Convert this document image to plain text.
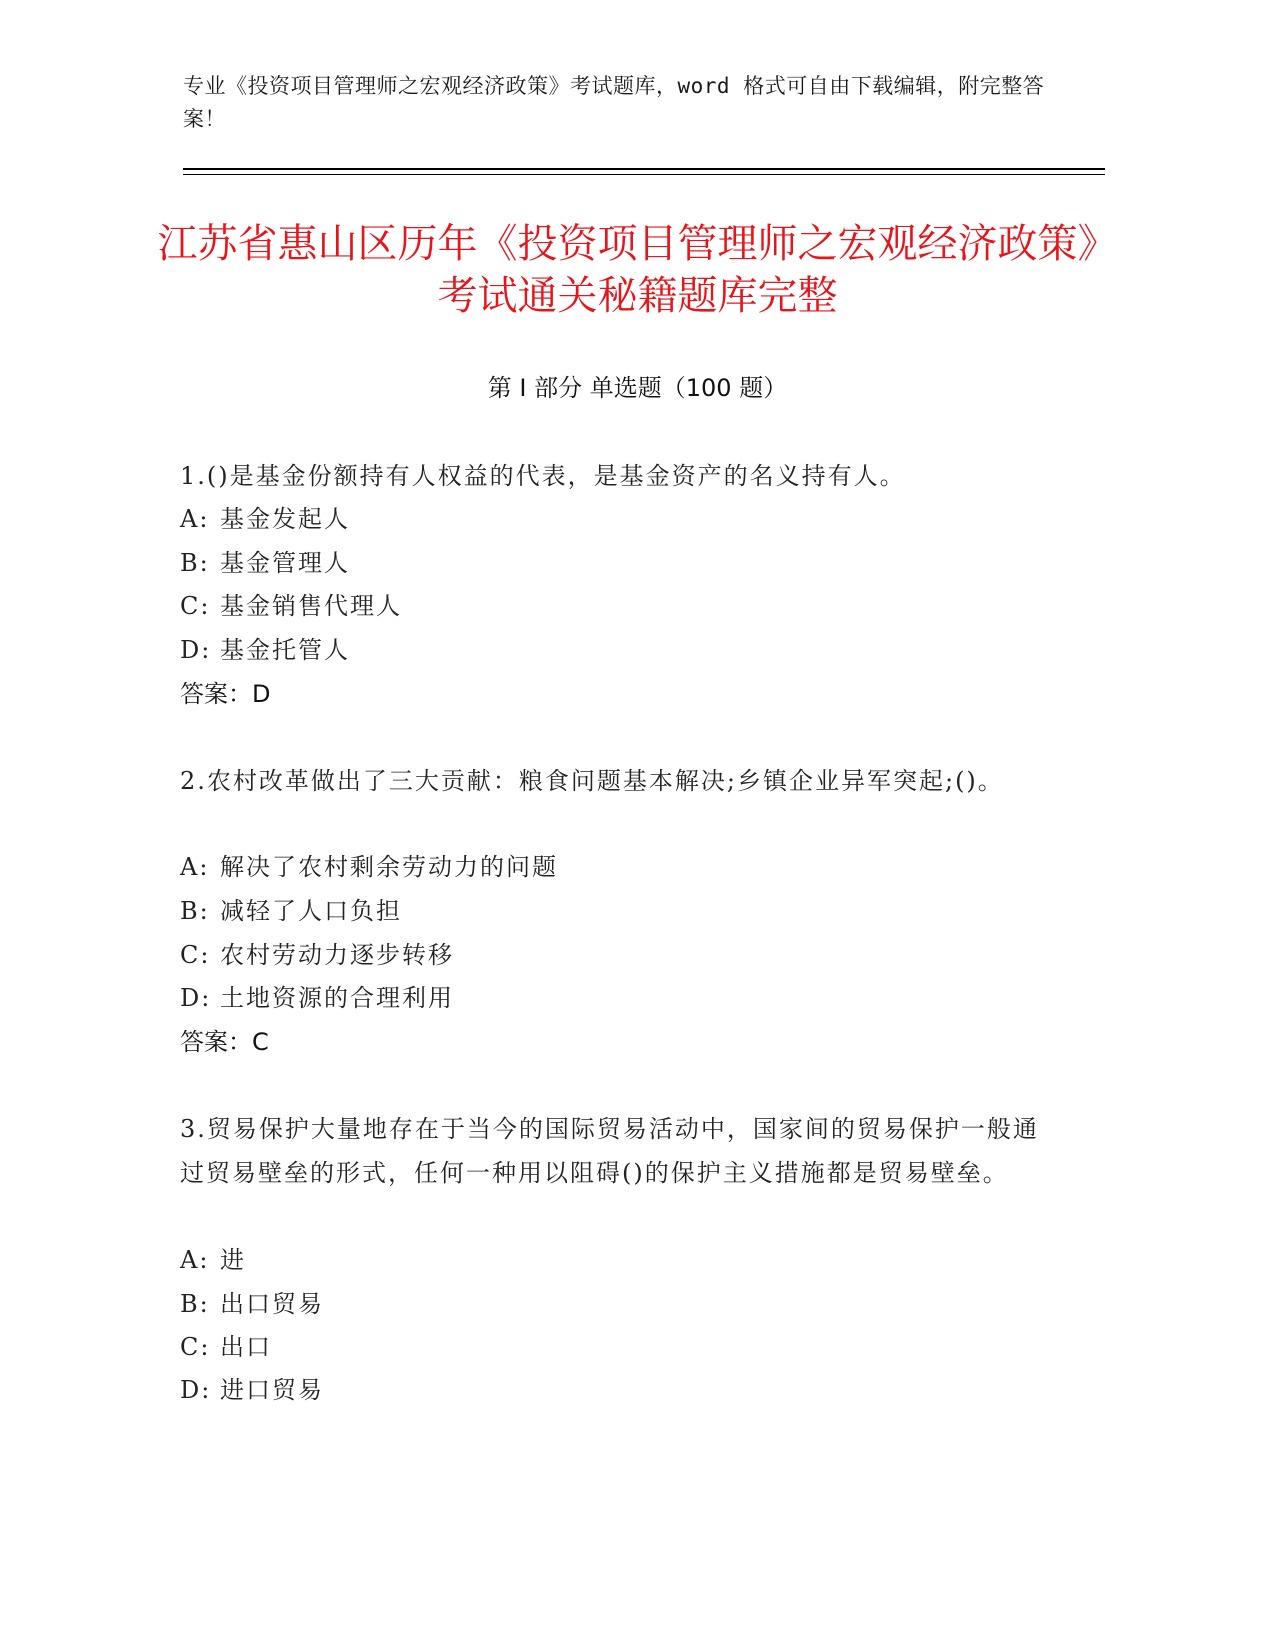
专业《投资项目管理师之宏观经济政策》考试题库，word 格式可自由下载编辑，附完整答案！
江苏省惠山区历年《投资项目管理师之宏观经济政策》考试通关秘籍题库完整
第 I 部分 单选题（100 题）
1.()是基金份额持有人权益的代表，是基金资产的名义持有人。
A: 基金发起人
B: 基金管理人
C: 基金销售代理人
D: 基金托管人
答案：D
2.农村改革做出了三大贡献：粮食问题基本解决;乡镇企业异军突起;()。
A: 解决了农村剩余劳动力的问题
B: 减轻了人口负担
C: 农村劳动力逐步转移
D: 土地资源的合理利用
答案：C
3.贸易保护大量地存在于当今的国际贸易活动中，国家间的贸易保护一般通过贸易壁垒的形式，任何一种用以阻碍()的保护主义措施都是贸易壁垒。
A: 进
B: 出口贸易
C: 出口
D: 进口贸易
